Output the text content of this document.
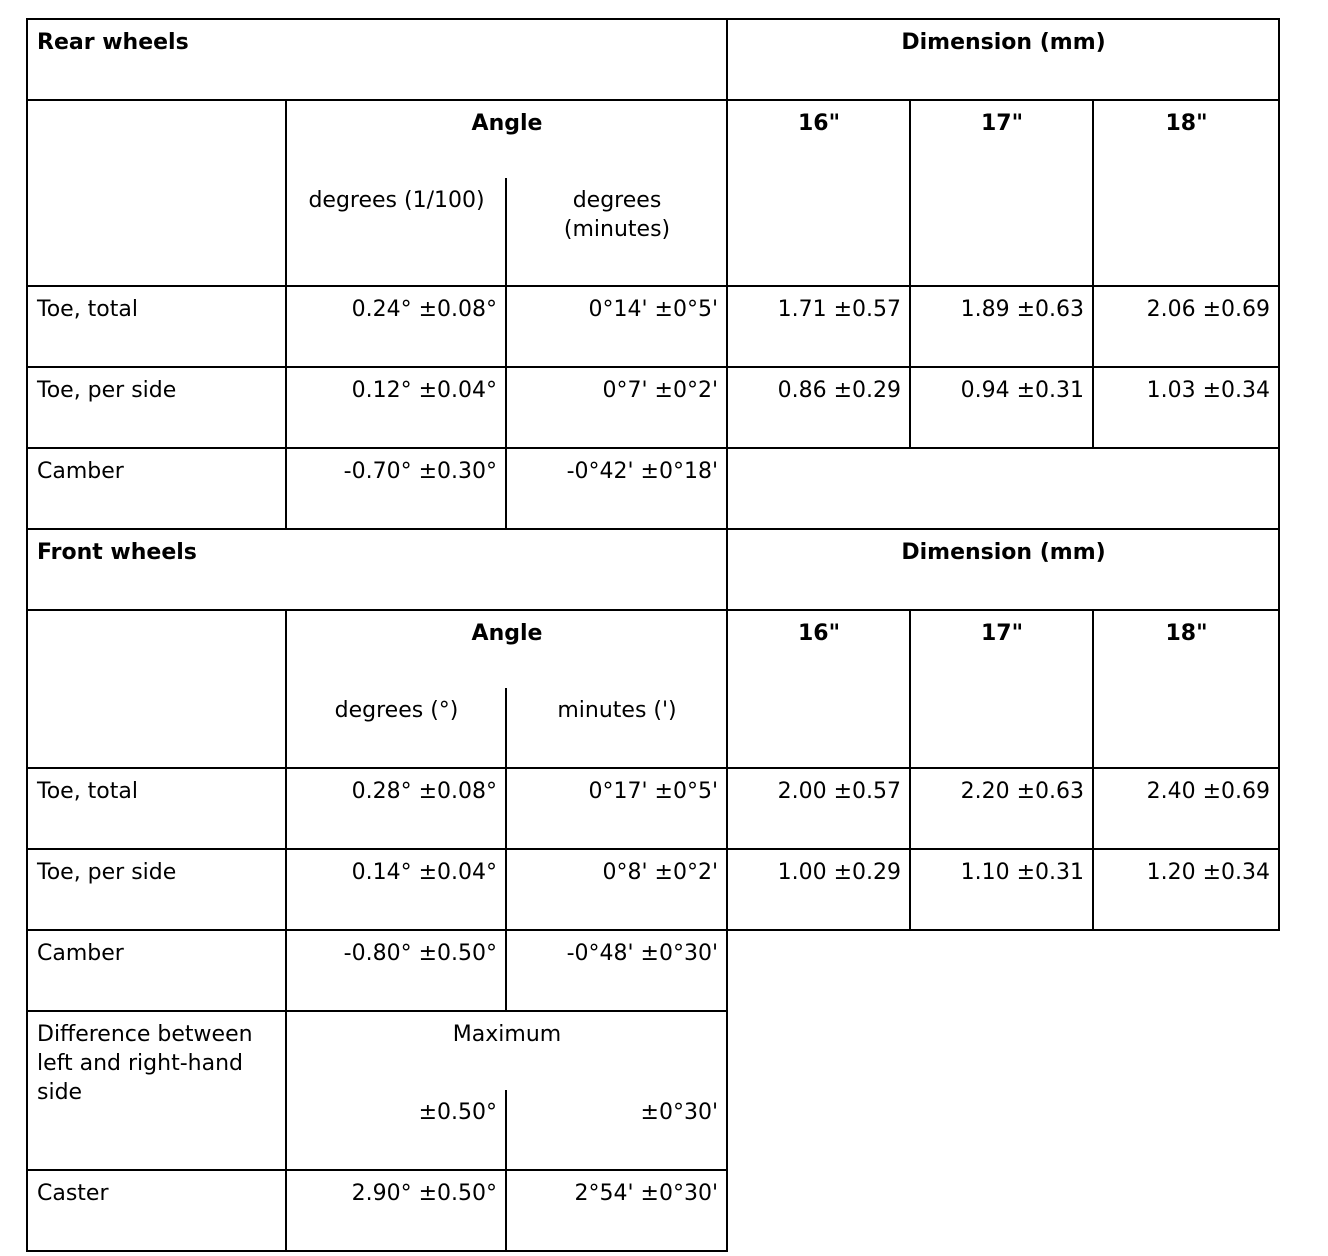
Rear wheels			Dimension (mm)		
	Angle		16"	17"	18"
	degrees (1/100)	degrees
(minutes)			
Toe, total	0.24° ±0.08°	0°14' ±0°5'	1.71 ±0.57	1.89 ±0.63	2.06 ±0.69
Toe, per side	0.12° ±0.04°	0°7' ±0°2'	0.86 ±0.29	0.94 ±0.31	1.03 ±0.34
Camber	-0.70° ±0.30°	-0°42' ±0°18'			
Front wheels			Dimension (mm)		
	Angle		16"	17"	18"
	degrees (°)	minutes (')			
Toe, total	0.28° ±0.08°	0°17' ±0°5'	2.00 ±0.57	2.20 ±0.63	2.40 ±0.69
Toe, per side	0.14° ±0.04°	0°8' ±0°2'	1.00 ±0.29	1.10 ±0.31	1.20 ±0.34
Camber	-0.80° ±0.50°	-0°48' ±0°30'			
Difference between
left and right-hand
side	Maximum				
	±0.50°	±0°30'			
Caster	2.90° ±0.50°	2°54' ±0°30'			
